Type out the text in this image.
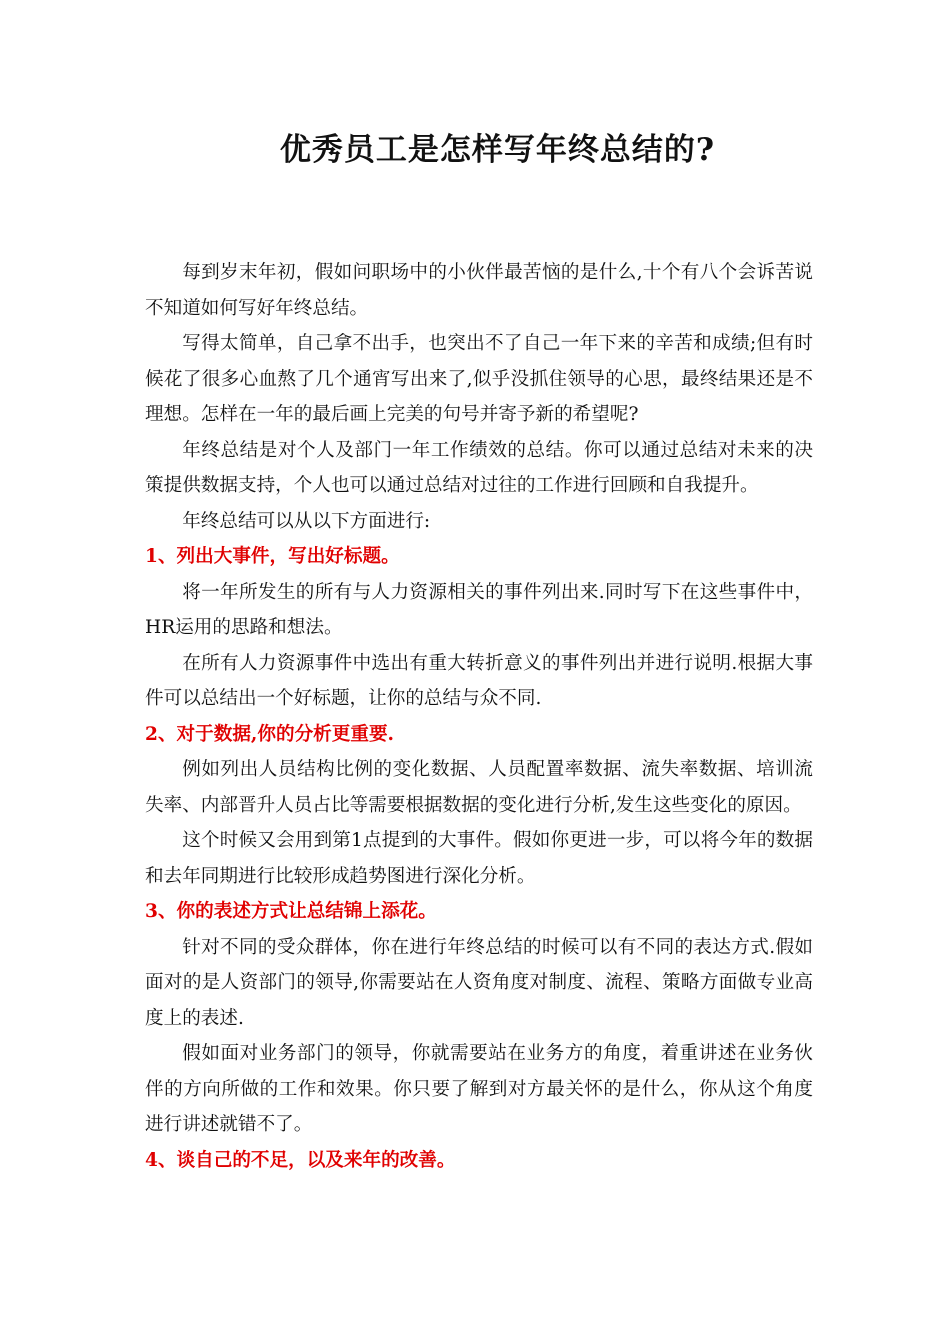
优秀员工是怎样写年终总结的?

每到岁末年初，假如问职场中的小伙伴最苦恼的是什么,十个有八个会诉苦说不知道如何写好年终总结。

写得太简单，自己拿不出手，也突出不了自己一年下来的辛苦和成绩;但有时候花了很多心血熬了几个通宵写出来了,似乎没抓住领导的心思，最终结果还是不理想。怎样在一年的最后画上完美的句号并寄予新的希望呢?

年终总结是对个人及部门一年工作绩效的总结。你可以通过总结对未来的决策提供数据支持，个人也可以通过总结对过往的工作进行回顾和自我提升。

年终总结可以从以下方面进行:

1、列出大事件，写出好标题。

将一年所发生的所有与人力资源相关的事件列出来.同时写下在这些事件中，HR运用的思路和想法。

在所有人力资源事件中选出有重大转折意义的事件列出并进行说明.根据大事件可以总结出一个好标题，让你的总结与众不同.

2、对于数据,你的分析更重要.

例如列出人员结构比例的变化数据、人员配置率数据、流失率数据、培训流失率、内部晋升人员占比等需要根据数据的变化进行分析,发生这些变化的原因。

这个时候又会用到第1点提到的大事件。假如你更进一步，可以将今年的数据和去年同期进行比较形成趋势图进行深化分析。

3、你的表述方式让总结锦上添花。

针对不同的受众群体，你在进行年终总结的时候可以有不同的表达方式.假如面对的是人资部门的领导,你需要站在人资角度对制度、流程、策略方面做专业高度上的表述.

假如面对业务部门的领导，你就需要站在业务方的角度，着重讲述在业务伙伴的方向所做的工作和效果。你只要了解到对方最关怀的是什么，你从这个角度进行讲述就错不了。

4、谈自己的不足，以及来年的改善。
